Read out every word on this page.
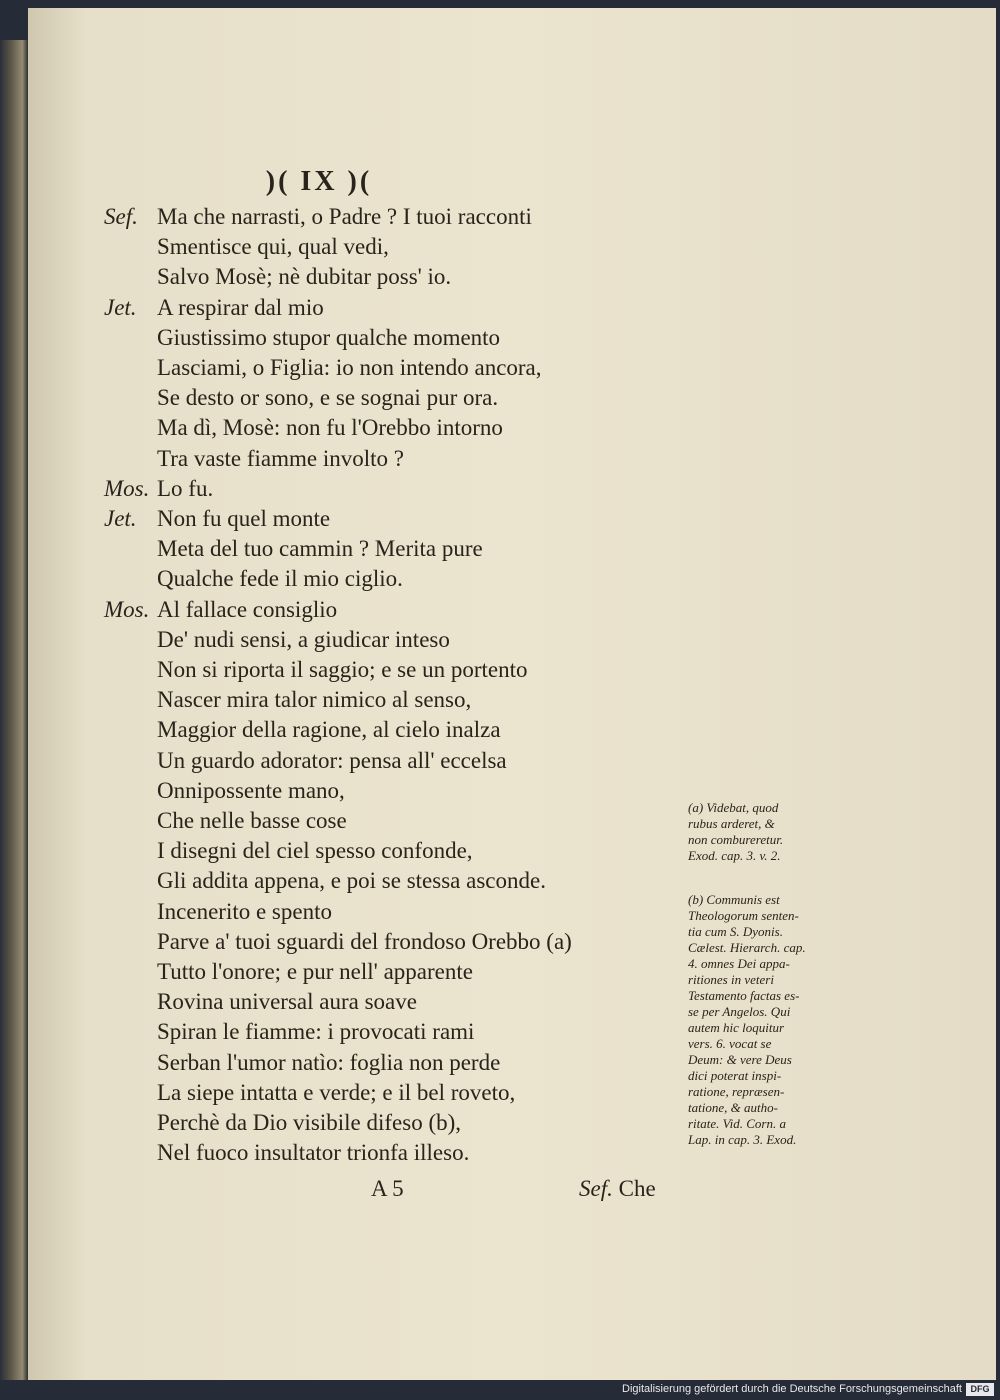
)( IX )(
Sef. Ma che narrasti, o Padre ? I tuoi racconti
Smentisce qui, qual vedi,
Salvo Mosè; nè dubitar poss' io.
Jet. A respirar dal mio
Giustissimo stupor qualche momento
Lasciami, o Figlia: io non intendo ancora,
Se desto or sono, e se sognai pur ora.
Ma dì, Mosè: non fu l'Orebbo intorno
Tra vaste fiamme involto ?
Mos. Lo fu.
Jet. Non fu quel monte
Meta del tuo cammin ? Merita pure
Qualche fede il mio ciglio.
Mos. Al fallace consiglio
De' nudi sensi, a giudicar inteso
Non si riporta il saggio; e se un portento
Nascer mira talor nimico al senso,
Maggior della ragione, al cielo inalza
Un guardo adorator: pensa all' eccelsa
Onnipossente mano,
Che nelle basse cose
I disegni del ciel spesso confonde,
Gli addita appena, e poi se stessa asconde.
Incenerito e spento
Parve a' tuoi sguardi del frondoso Orebbo (a)
Tutto l'onore; e pur nell' apparente
Rovina universal aura soave
Spiran le fiamme: i provocati rami
Serban l'umor natìo: foglia non perde
La siepe intatta e verde; e il bel roveto,
Perchè da Dio visibile difeso (b),
Nel fuoco insultator trionfa illeso.
A 5	Sef. Che
(a) Videbat, quod
rubus arderet, &
non combureretur.
Exod. cap. 3. v. 2.
(b) Communis est
Theologorum senten-
tia cum S. Dyonis.
Cælest. Hierarch. cap.
4. omnes Dei appa-
ritiones in veteri
Testamento factas es-
se per Angelos. Qui
autem hic loquitur
vers. 6. vocat se
Deum: & vere Deus
dici poterat inspi-
ratione, repræsen-
tatione, & autho-
ritate. Vid. Corn. a
Lap. in cap. 3. Exod.
Digitalisierung gefördert durch die Deutsche Forschungsgemeinschaft DFG
